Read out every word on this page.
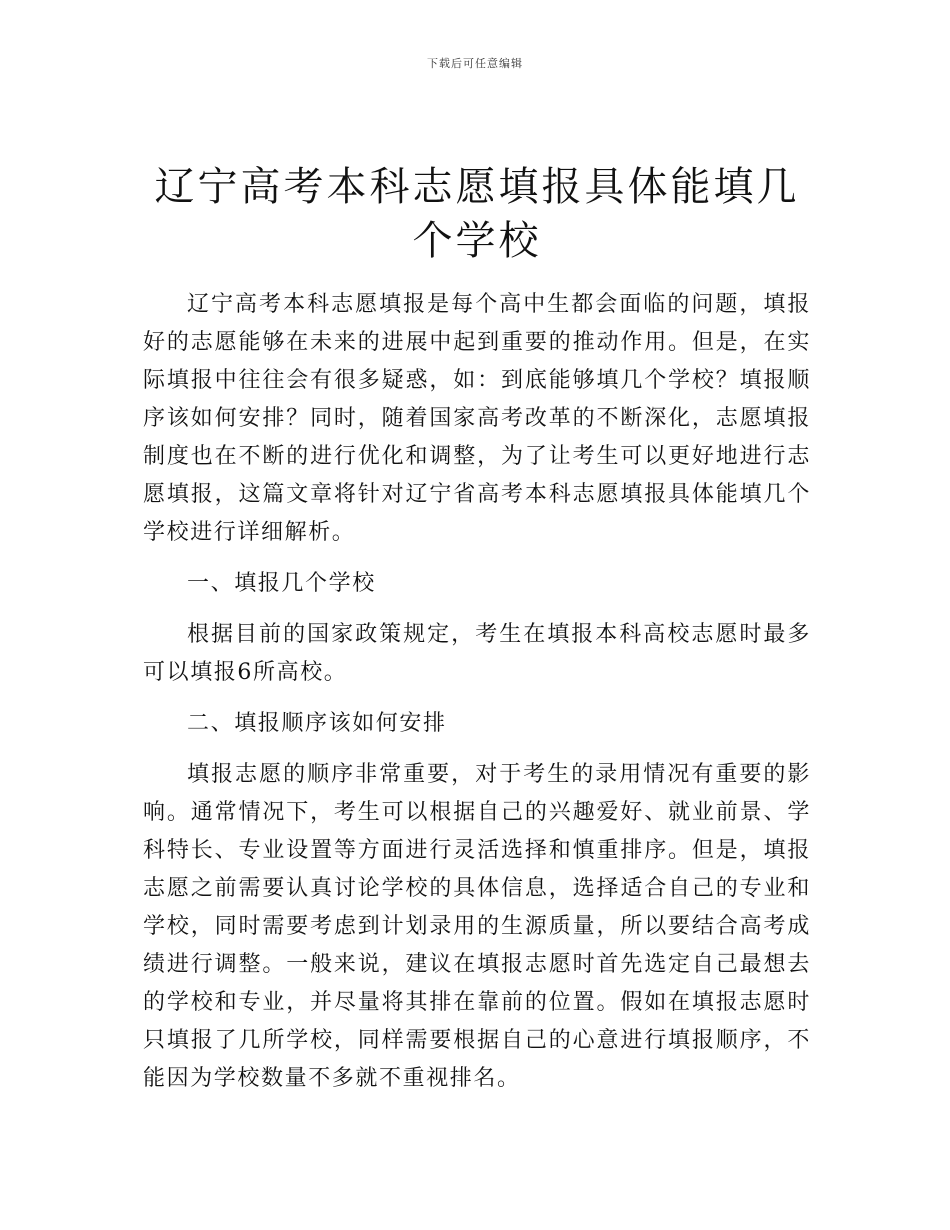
下载后可任意编辑
辽宁高考本科志愿填报具体能填几个学校

辽宁高考本科志愿填报是每个高中生都会面临的问题，填报好的志愿能够在未来的进展中起到重要的推动作用。但是，在实际填报中往往会有很多疑惑，如：到底能够填几个学校？填报顺序该如何安排？同时，随着国家高考改革的不断深化，志愿填报制度也在不断的进行优化和调整，为了让考生可以更好地进行志愿填报，这篇文章将针对辽宁省高考本科志愿填报具体能填几个学校进行详细解析。

一、填报几个学校

根据目前的国家政策规定，考生在填报本科高校志愿时最多可以填报6所高校。

二、填报顺序该如何安排

填报志愿的顺序非常重要，对于考生的录用情况有重要的影响。通常情况下，考生可以根据自己的兴趣爱好、就业前景、学科特长、专业设置等方面进行灵活选择和慎重排序。但是，填报志愿之前需要认真讨论学校的具体信息，选择适合自己的专业和学校，同时需要考虑到计划录用的生源质量，所以要结合高考成绩进行调整。一般来说，建议在填报志愿时首先选定自己最想去的学校和专业，并尽量将其排在靠前的位置。假如在填报志愿时只填报了几所学校，同样需要根据自己的心意进行填报顺序，不能因为学校数量不多就不重视排名。
